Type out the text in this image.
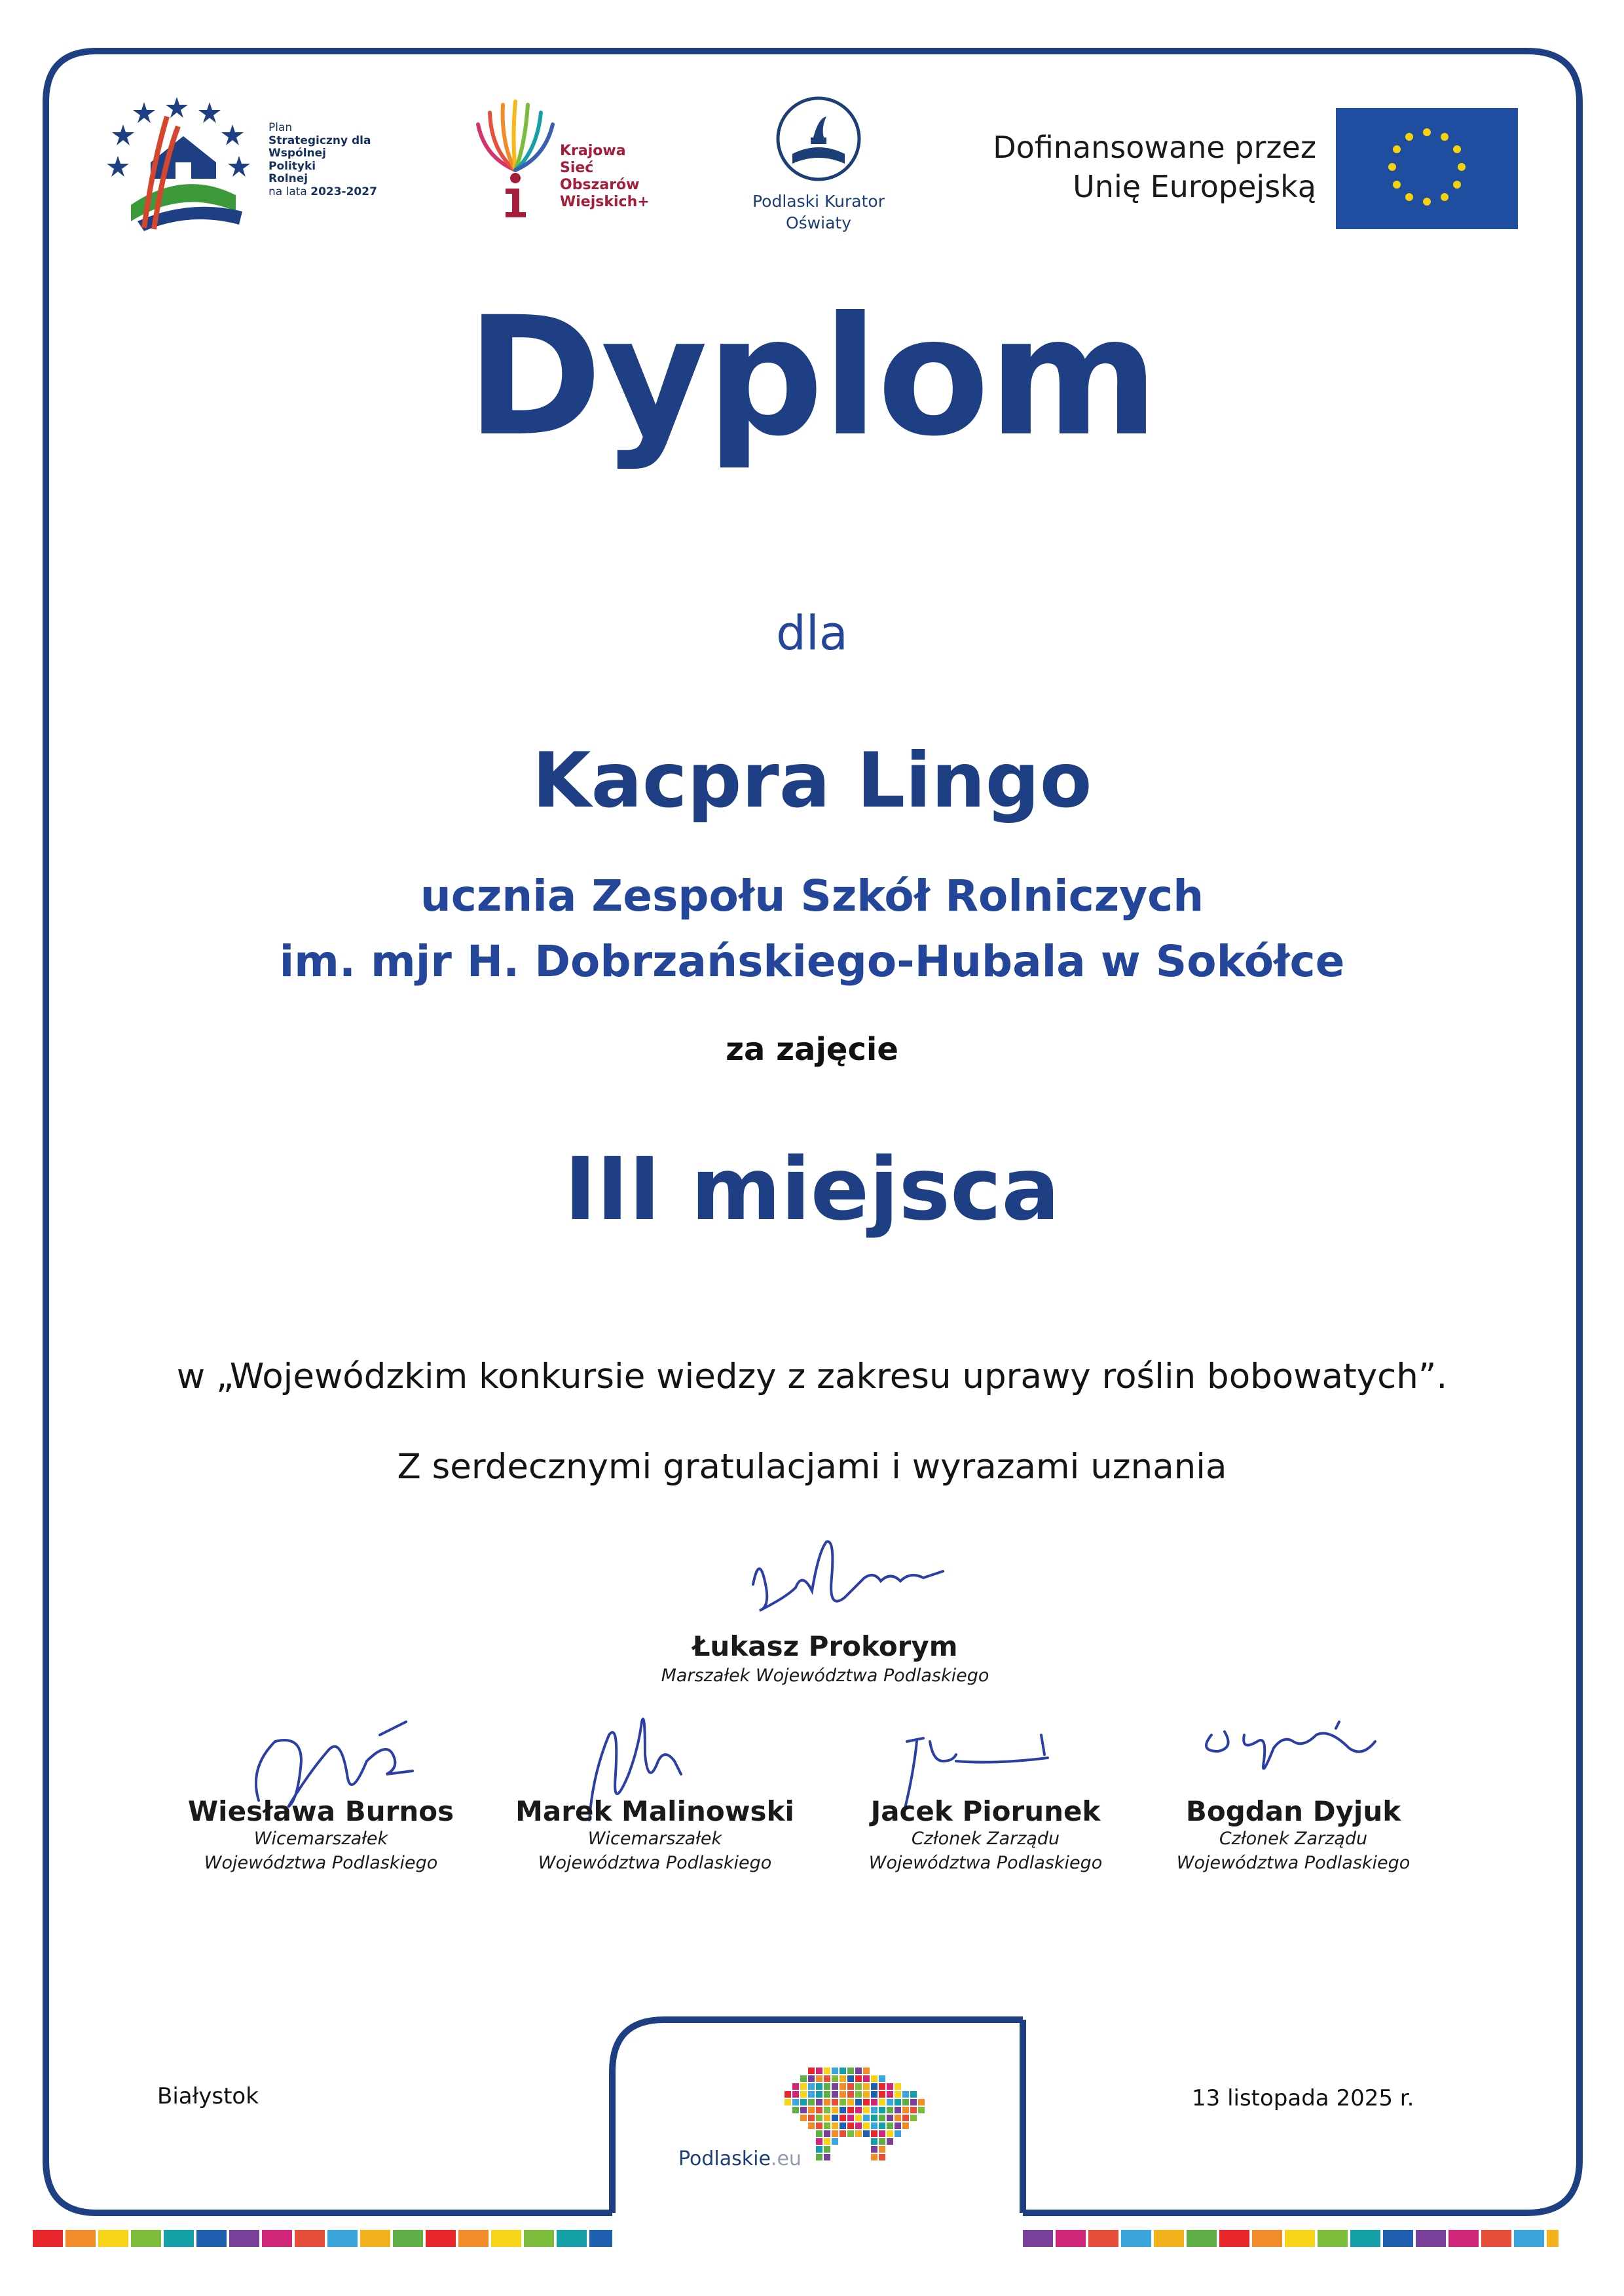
Plan
Strategiczny dla
Wspólnej
Polityki
Rolnej
na lata 2023-2027
Krajowa
Sieć
Obszarów
Wiejskich+	Podlaski Kurator
Oświaty
Dofinansowane przez
Unię Europejską
Dyplom
dla
Kacpra Lingo
ucznia Zespołu Szkół Rolniczych
im. mjr H. Dobrzańskiego-Hubala w Sokółce
za zajęcie
III miejsca
w „Wojewódzkim konkursie wiedzy z zakresu uprawy roślin bobowatych”.
Z serdecznymi gratulacjami i wyrazami uznania
Łukasz Prokorym
Marszałek Województwa Podlaskiego
Wiesława Burnos
Wicemarszałek
Województwa Podlaskiego
Marek Malinowski
Wicemarszałek
Województwa Podlaskiego
Jacek Piorunek
Członek Zarządu
Województwa Podlaskiego
Bogdan Dyjuk
Członek Zarządu
Województwa Podlaskiego
Białystok	13 listopada 2025 r.
Podlaskie.eu
